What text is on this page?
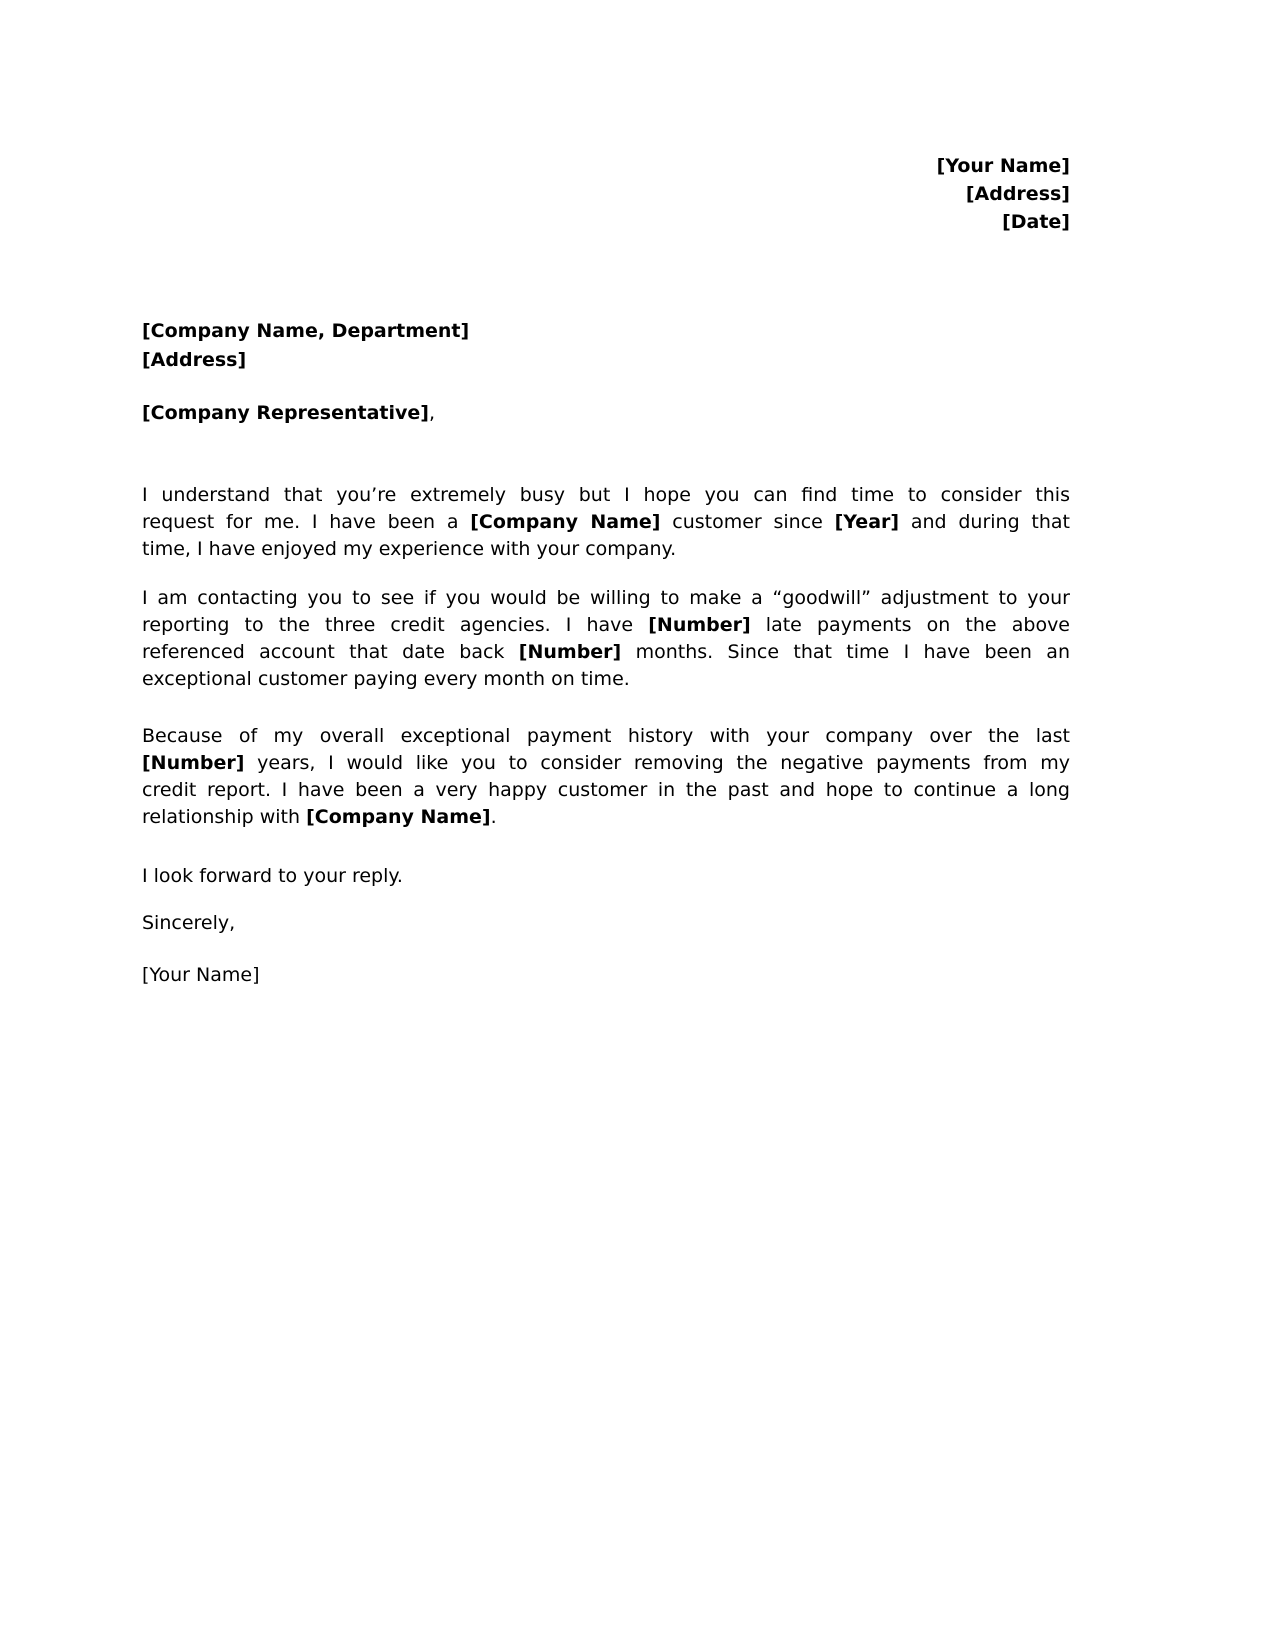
[Your Name]
[Address]
[Date]
[Company Name, Department]
[Address]
[Company Representative],
I understand that you’re extremely busy but I hope you can find time to consider this
request for me. I have been a [Company Name] customer since [Year] and during that
time, I have enjoyed my experience with your company.
I am contacting you to see if you would be willing to make a “goodwill” adjustment to your
reporting to the three credit agencies. I have [Number] late payments on the above
referenced account that date back [Number] months. Since that time I have been an
exceptional customer paying every month on time.
Because of my overall exceptional payment history with your company over the last
[Number] years, I would like you to consider removing the negative payments from my
credit report. I have been a very happy customer in the past and hope to continue a long
relationship with [Company Name].
I look forward to your reply.
Sincerely,
[Your Name]
